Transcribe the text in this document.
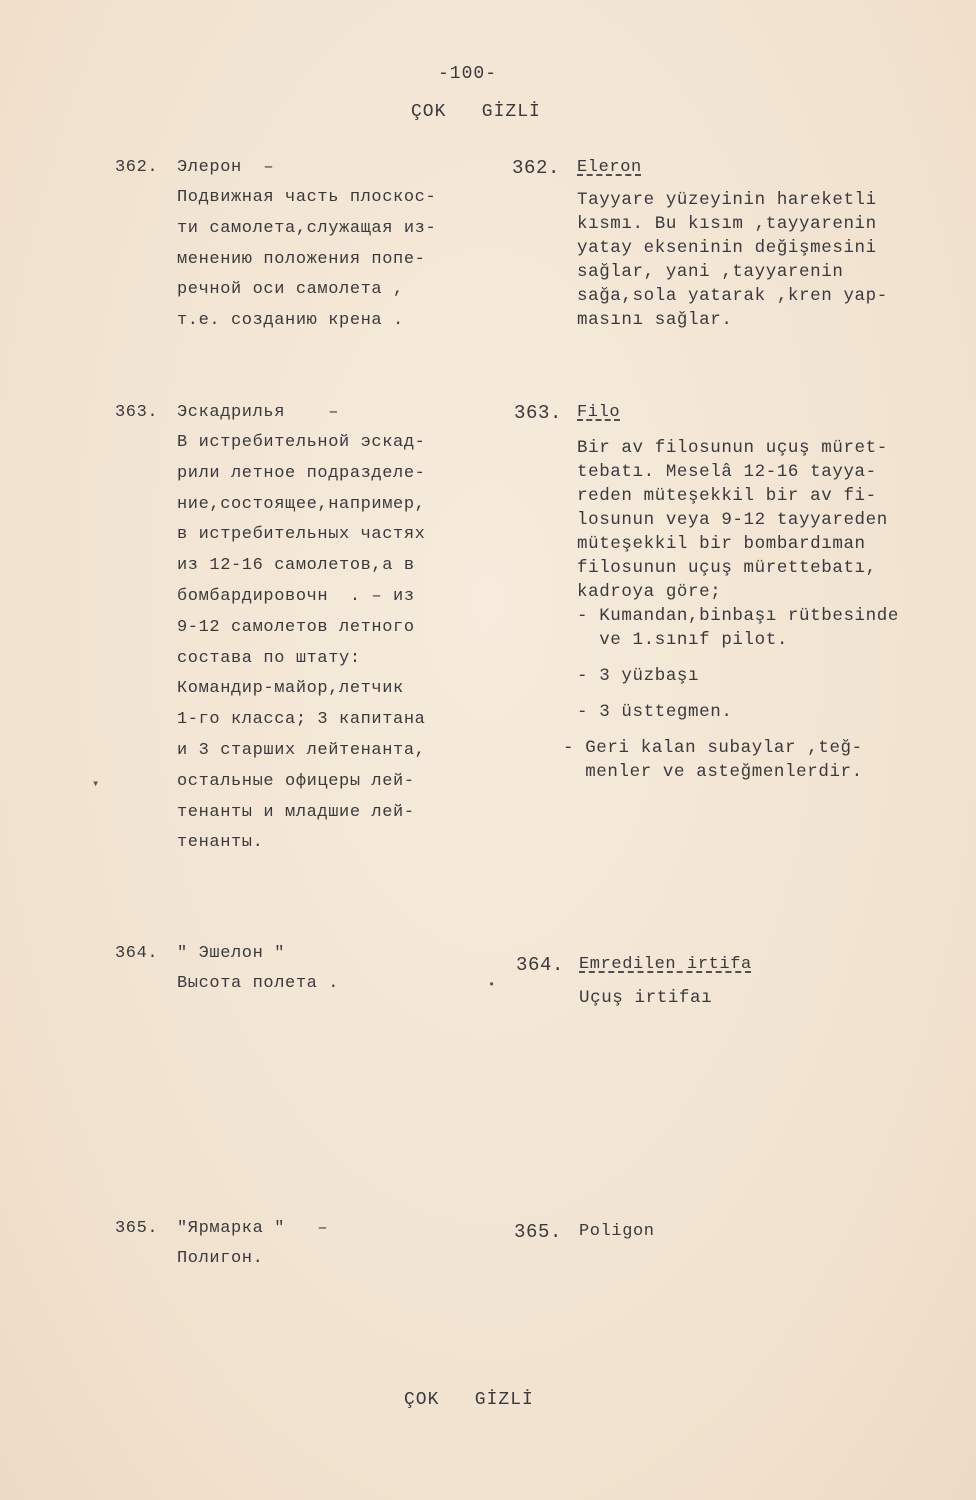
-100-
ÇOK   GİZLİ
362. Элерон  –
Подвижная часть плоскос-
ти самолета,служащая из-
менению положения попе-
речной оси самолета ,
т.е. созданию крена .
362. Eleron
Tayyare yüzeyinin hareketli
kısmı. Bu kısım ,tayyarenin
yatay ekseninin değişmesini
sağlar, yani ,tayyarenin
sağa,sola yatarak ,kren yap-
masını sağlar.
363. Эскадрилья    –
В истребительной эскад-
рили летное подразделе-
ние,состоящее,например,
в истребительных частях
из 12-16 самолетов,а в
бомбардировочн  . – из
9-12 самолетов летного
состава по штату:
Командир-майор,летчик
1-го класса; 3 капитана
и 3 старших лейтенанта,
остальные офицеры лей-
тенанты и младшие лей-
тенанты.
363. Filo
Bir av filosunun uçuş müret-
tebatı. Meselâ 12-16 tayya-
reden müteşekkil bir av fi-
losunun veya 9-12 tayyareden
müteşekkil bir bombardıman
filosunun uçuş mürettebatı,
kadroya göre;
- Kumandan,binbaşı rütbesinde
ve 1.sınıf pilot.
- 3 yüzbaşı
- 3 üsttegmen.
- Geri kalan subaylar ,teğ-
menler ve asteğmenlerdir.
364. " Эшелон "
Высота полета .
364. Emredilen irtifa
Uçuş irtifaı
365. "Ярмарка "   –
Полигон.
365. Poligon
▾
•
ÇOK   GİZLİ
